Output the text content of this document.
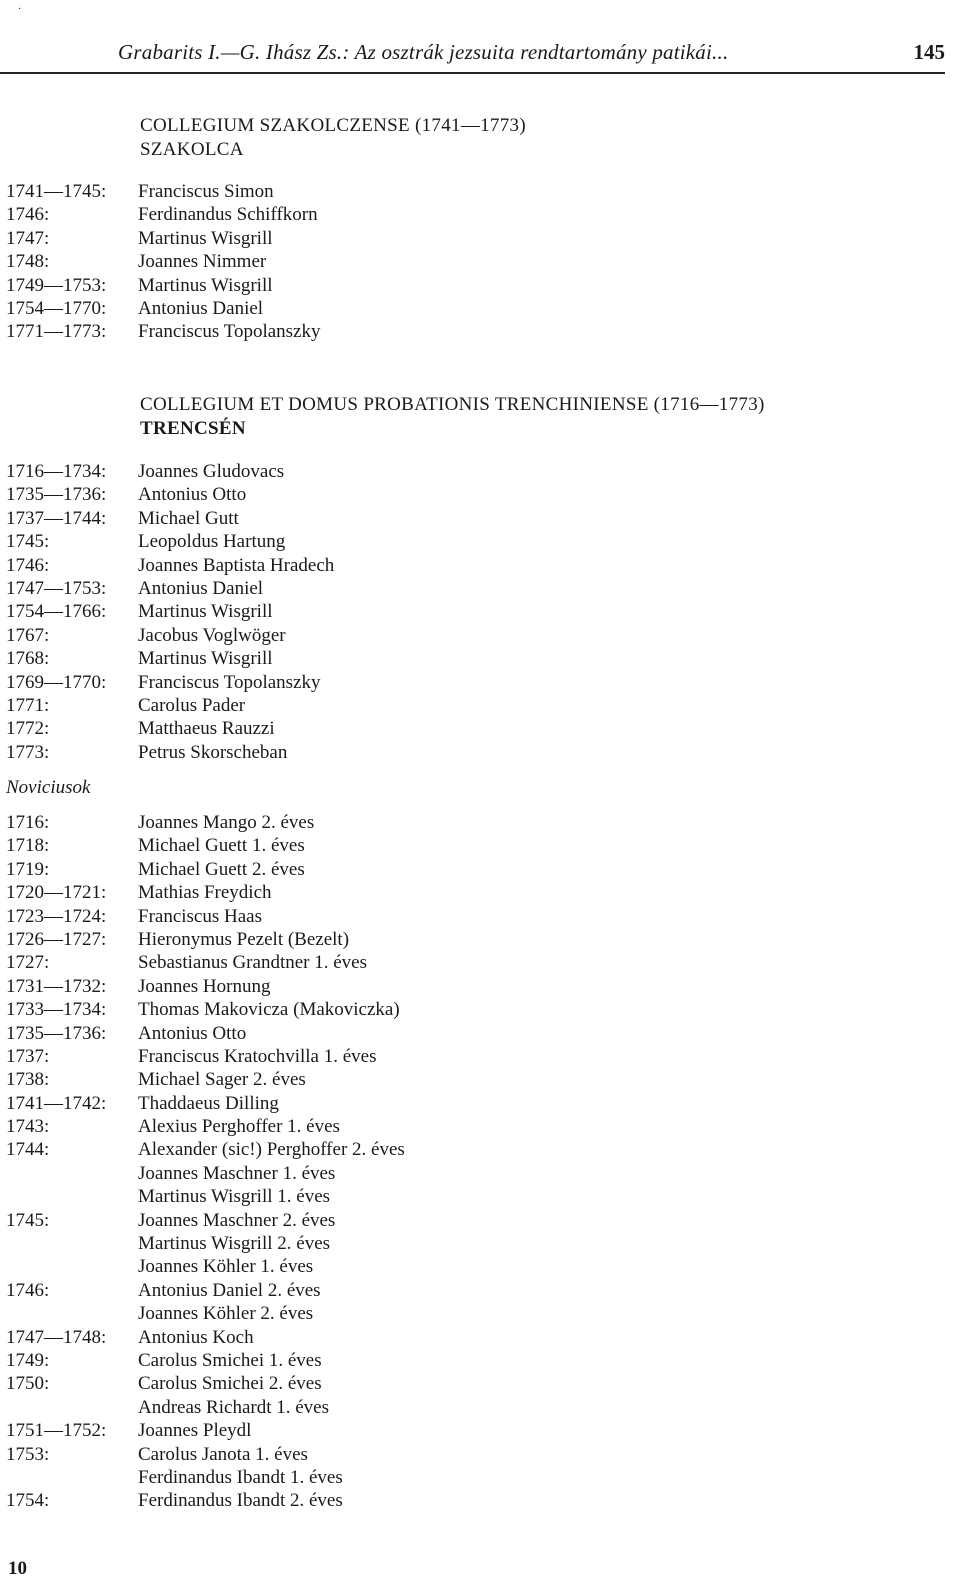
·
Grabarits I.—G. Ihász Zs.: Az osztrák jezsuita rendtartomány patikái...	145
COLLEGIUM SZAKOLCZENSE (1741—1773)
SZAKOLCA
1741—1745: Franciscus Simon
1746:	Ferdinandus Schiffkorn
1747:	Martinus Wisgrill
1748:	Joannes Nimmer
1749—1753: Martinus Wisgrill
1754—1770: Antonius Daniel
1771—1773: Franciscus Topolanszky
COLLEGIUM ET DOMUS PROBATIONIS TRENCHINIENSE (1716—1773)
TRENCSÉN
1716—1734: Joannes Gludovacs
1735—1736: Antonius Otto
1737—1744: Michael Gutt
1745:	Leopoldus Hartung
1746:	Joannes Baptista Hradech
1747—1753: Antonius Daniel
1754—1766: Martinus Wisgrill
1767:	Jacobus Voglwöger
1768:	Martinus Wisgrill
1769—1770: Franciscus Topolanszky
1771:	Carolus Pader
1772:	Matthaeus Rauzzi
1773:	Petrus Skorscheban
Noviciusok
1716:	Joannes Mango 2. éves
1718:	Michael Guett 1. éves
1719:	Michael Guett 2. éves
1720—1721: Mathias Freydich
1723—1724: Franciscus Haas
1726—1727: Hieronymus Pezelt (Bezelt)
1727:	Sebastianus Grandtner 1. éves
1731—1732: Joannes Hornung
1733—1734: Thomas Makovicza (Makoviczka)
1735—1736: Antonius Otto
1737:	Franciscus Kratochvilla 1. éves
1738:	Michael Sager 2. éves
1741—1742: Thaddaeus Dilling
1743:	Alexius Perghoffer 1. éves
1744:	Alexander (sic!) Perghoffer 2. éves
Joannes Maschner 1. éves
Martinus Wisgrill 1. éves
1745:	Joannes Maschner 2. éves
Martinus Wisgrill 2. éves
Joannes Köhler 1. éves
1746:	Antonius Daniel 2. éves
Joannes Köhler 2. éves
1747—1748: Antonius Koch
1749:	Carolus Smichei 1. éves
1750:	Carolus Smichei 2. éves
Andreas Richardt 1. éves
1751—1752: Joannes Pleydl
1753:	Carolus Janota 1. éves
Ferdinandus Ibandt 1. éves
1754:	Ferdinandus Ibandt 2. éves
10
